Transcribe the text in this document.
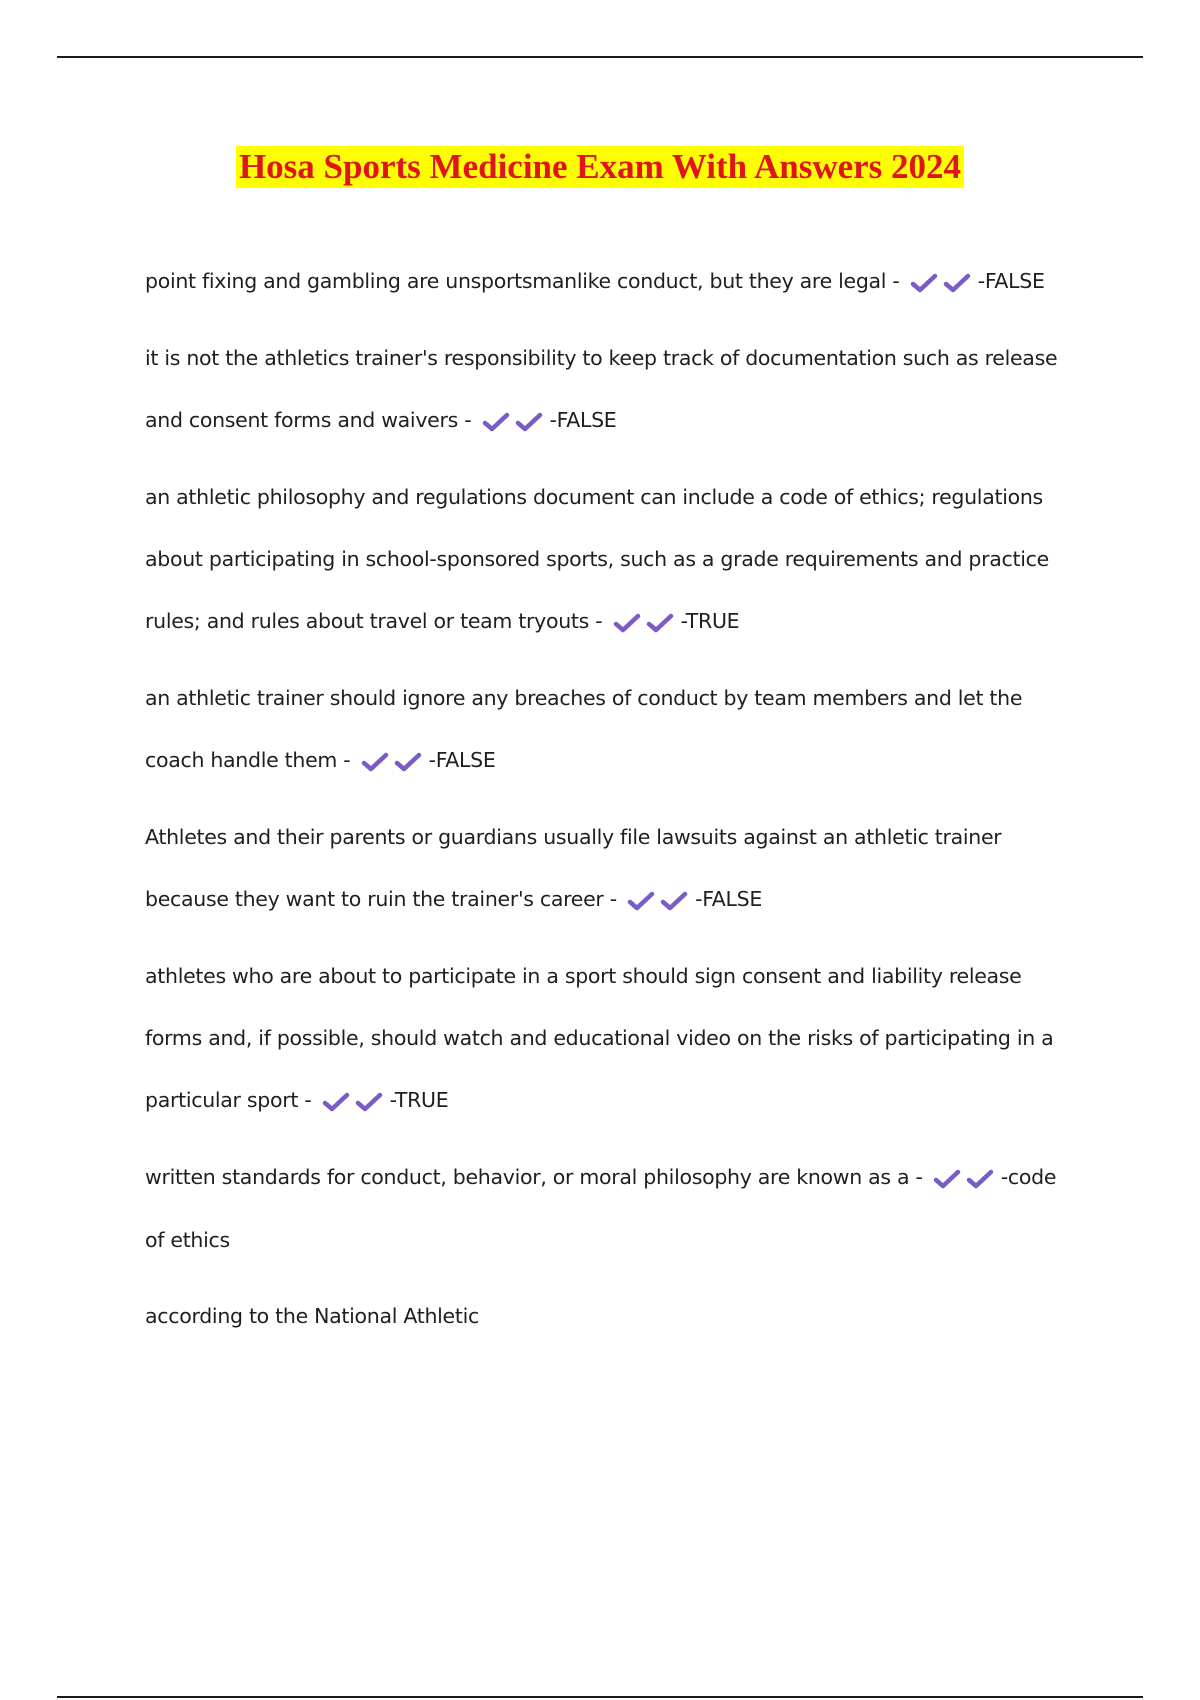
Hosa Sports Medicine Exam With Answers 2024
point fixing and gambling are unsportsmanlike conduct, but they are legal -	-FALSE
it is not the athletics trainer's responsibility to keep track of documentation such as release
and consent forms and waivers -	-FALSE
an athletic philosophy and regulations document can include a code of ethics; regulations
about participating in school-sponsored sports, such as a grade requirements and practice
rules; and rules about travel or team tryouts -	-TRUE
an athletic trainer should ignore any breaches of conduct by team members and let the
coach handle them -	-FALSE
Athletes and their parents or guardians usually file lawsuits against an athletic trainer
because they want to ruin the trainer's career -	-FALSE
athletes who are about to participate in a sport should sign consent and liability release
forms and, if possible, should watch and educational video on the risks of participating in a
particular sport -	-TRUE
written standards for conduct, behavior, or moral philosophy are known as a -	-code
of ethics
according to the National Athletic
